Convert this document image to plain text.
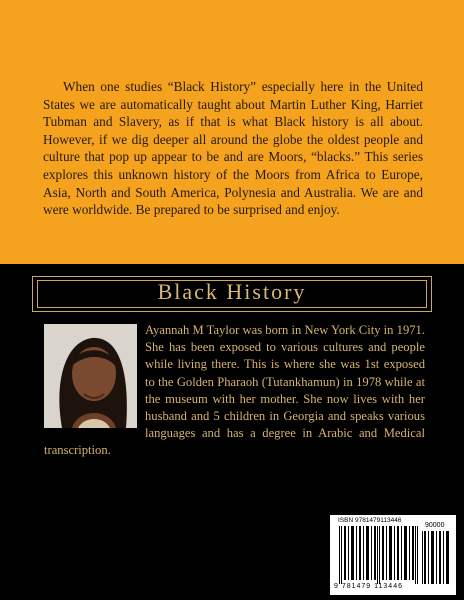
When one studies “Black History” especially here in the United States we are automatically taught about Martin Luther King, Harriet Tubman and Slavery, as if that is what Black history is all about. However, if we dig deeper all around the globe the oldest people and culture that pop up appear to be and are Moors, “blacks.” This series explores this unknown history of the Moors from Africa to Europe, Asia, North and South America, Polynesia and Australia. We are and were worldwide. Be prepared to be surprised and enjoy.

Black History

Ayannah M Taylor was born in New York City in 1971. She has been exposed to various cultures and people while living there. This is where she was 1st exposed to the Golden Pharaoh (Tutankhamun) in 1978 while at the museum with her mother. She now lives with her husband and 5 children in Georgia and speaks various languages and has a degree in Arabic and Medical transcription.

ISBN 9781479113446
90000
9 781479 113446
